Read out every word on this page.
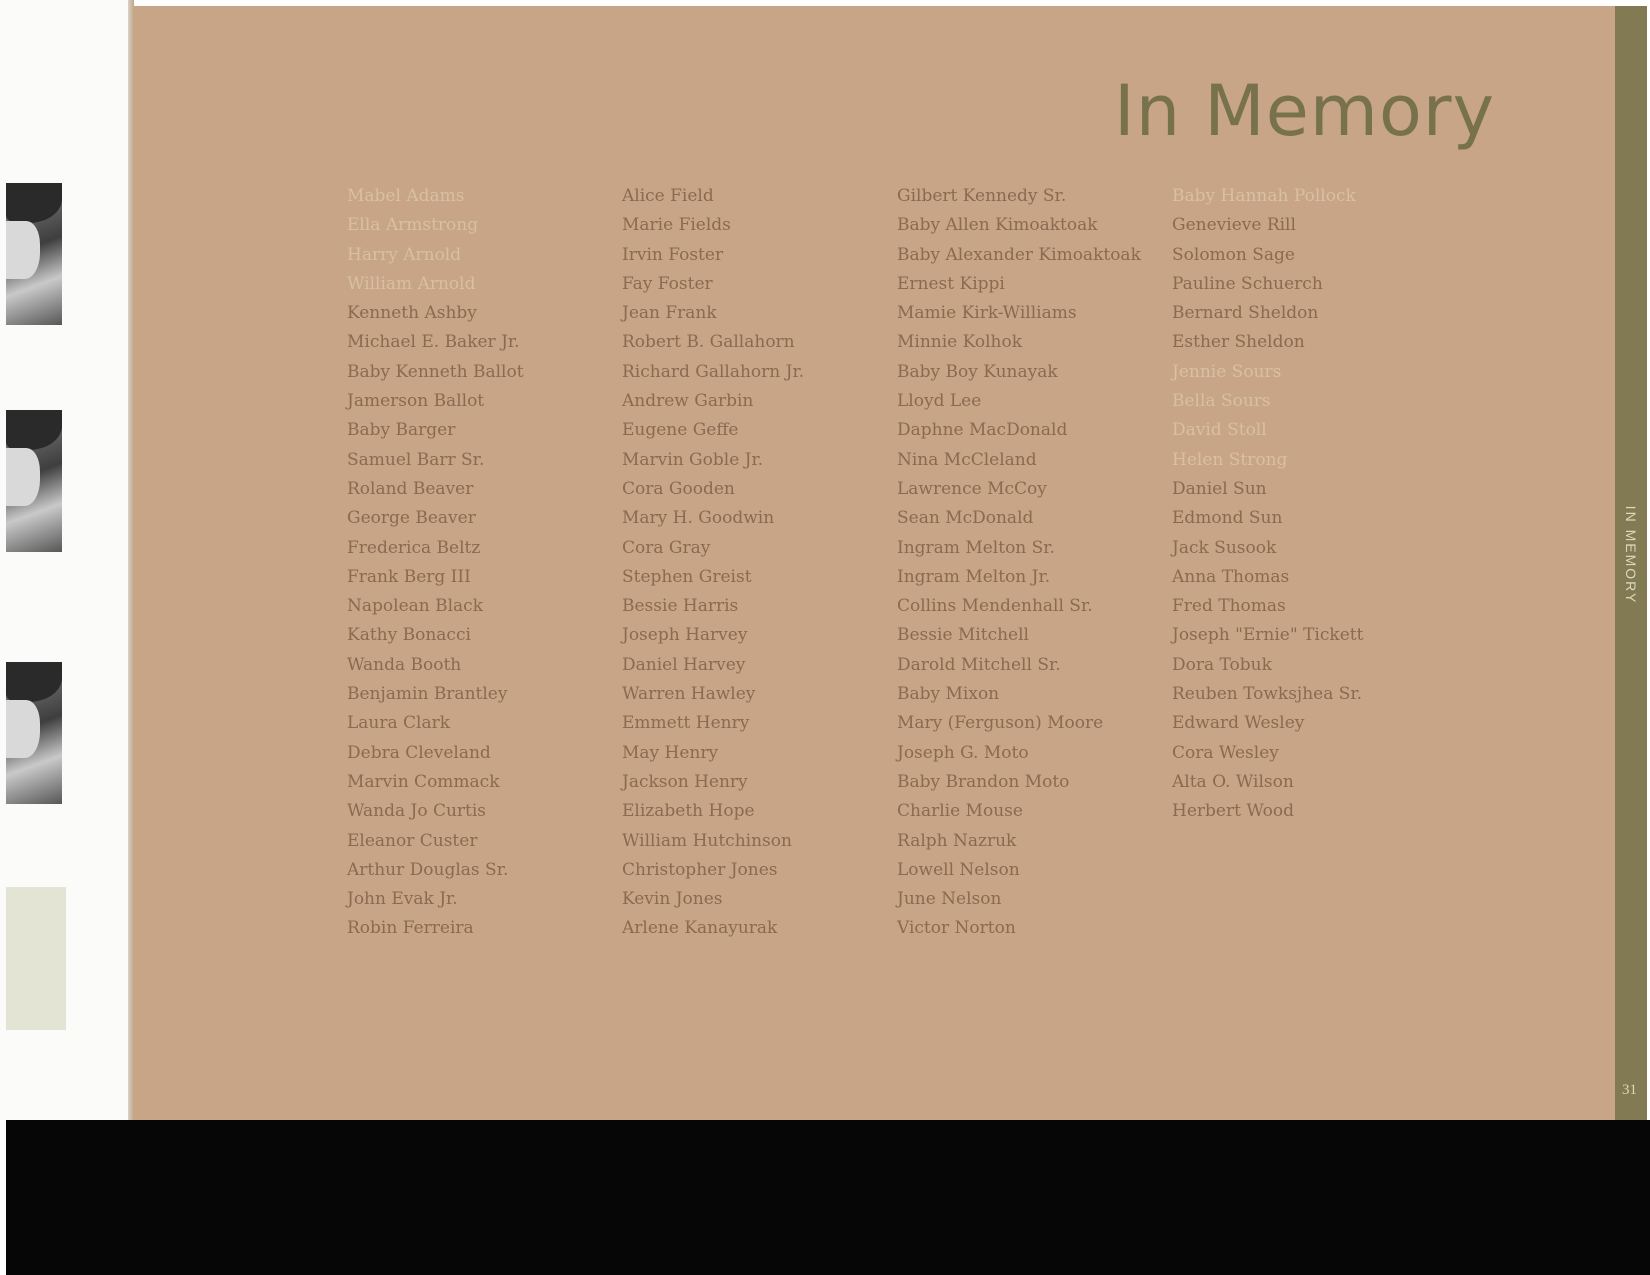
In Memory
Mabel Adams
Ella Armstrong
Harry Arnold
William Arnold
Kenneth Ashby
Michael E. Baker Jr.
Baby Kenneth Ballot
Jamerson Ballot
Baby Barger
Samuel Barr Sr.
Roland Beaver
George Beaver
Frederica Beltz
Frank Berg III
Napolean Black
Kathy Bonacci
Wanda Booth
Benjamin Brantley
Laura Clark
Debra Cleveland
Marvin Commack
Wanda Jo Curtis
Eleanor Custer
Arthur Douglas Sr.
John Evak Jr.
Robin Ferreira
Alice Field
Marie Fields
Irvin Foster
Fay Foster
Jean Frank
Robert B. Gallahorn
Richard Gallahorn Jr.
Andrew Garbin
Eugene Geffe
Marvin Goble Jr.
Cora Gooden
Mary H. Goodwin
Cora Gray
Stephen Greist
Bessie Harris
Joseph Harvey
Daniel Harvey
Warren Hawley
Emmett Henry
May Henry
Jackson Henry
Elizabeth Hope
William Hutchinson
Christopher Jones
Kevin Jones
Arlene Kanayurak
Gilbert Kennedy Sr.
Baby Allen Kimoaktoak
Baby Alexander Kimoaktoak
Ernest Kippi
Mamie Kirk-Williams
Minnie Kolhok
Baby Boy Kunayak
Lloyd Lee
Daphne MacDonald
Nina McCleland
Lawrence McCoy
Sean McDonald
Ingram Melton Sr.
Ingram Melton Jr.
Collins Mendenhall Sr.
Bessie Mitchell
Darold Mitchell Sr.
Baby Mixon
Mary (Ferguson) Moore
Joseph G. Moto
Baby Brandon Moto
Charlie Mouse
Ralph Nazruk
Lowell Nelson
June Nelson
Victor Norton
Baby Hannah Pollock
Genevieve Rill
Solomon Sage
Pauline Schuerch
Bernard Sheldon
Esther Sheldon
Jennie Sours
Bella Sours
David Stoll
Helen Strong
Daniel Sun
Edmond Sun
Jack Susook
Anna Thomas
Fred Thomas
Joseph "Ernie" Tickett
Dora Tobuk
Reuben Towksjhea Sr.
Edward Wesley
Cora Wesley
Alta O. Wilson
Herbert Wood
IN MEMORY
31
